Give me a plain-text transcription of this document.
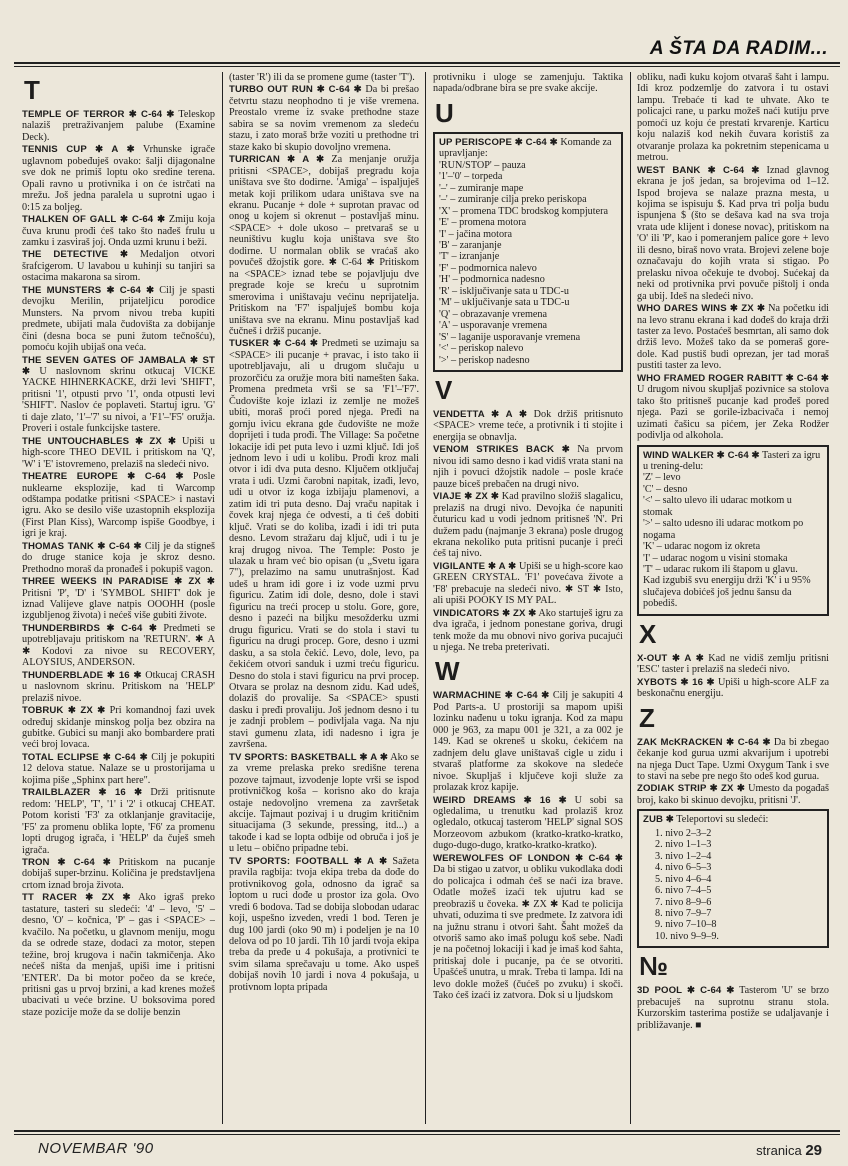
A ŠTA DA RADIM...
T

TEMPLE OF TERROR ✱ C-64 ✱ Teleskop nalaziš pretraživanjem palube (Examine Deck).

TENNIS CUP ✱ A ✱ Vrhunske igrače uglavnom pobeđuješ ovako: šalji dijagonalne sve dok ne primiš loptu oko sredine terena. Opali ravno u protivnika i on će istrčati na mrežu. Još jedna paralela u suprotni ugao i 0:15 za boljeg.

THALKEN OF GALL ✱ C-64 ✱ Zmiju koja čuva krunu prođi ćeš tako što nađeš frulu u zamku i zasviraš joj. Onda uzmi krunu i beži.

THE DETECTIVE ✱ Medaljon otvori šrafcigerom. U lavabou u kuhinji su tanjiri sa ostacima makarona sa sirom.

THE MUNSTERS ✱ C-64 ✱ Cilj je spasti devojku Merilin, prijateljicu porodice Munsters. Na prvom nivou treba kupiti predmete, ubijati mala čudovišta za dobijanje čini (desna boca se puni žutom tečnošću), pomoću kojih ubijaš ona veća.

THE SEVEN GATES OF JAMBALA ✱ ST ✱ U naslovnom skrinu otkucaj VICKE YACKE HIHNERKACKE, drži levi 'SHIFT', pritisni '1', otpusti prvo '1', onda otpusti levi 'SHIFT'. Naslov će poplaveti. Startuj igru. 'G' ti daje zlato, '1'–'7' su nivoi, a 'F1'–'F5' oružja. Proveri i ostale funkcijske tastere.

THE UNTOUCHABLES ✱ ZX ✱ Upiši u high-score THEO DEVIL i pritiskom na 'Q', 'W' i 'E' istovremeno, prelaziš na sledeći nivo.

THEATRE EUROPE ✱ C-64 ✱ Posle nuklearne eksplozije, kad ti Warcomp odštampa podatke pritisni <SPACE> i nastavi igru. Ako se desilo više uzastopnih eksplozija (First Plan Kiss), Warcomp ispiše Goodbye, i igri je kraj.

THOMAS TANK ✱ C-64 ✱ Cilj je da stigneš do druge stanice koja je skroz desno. Prethodno moraš da pronađeš i pokupiš vagon.

THREE WEEKS IN PARADISE ✱ ZX ✱ Pritisni 'P', 'D' i 'SYMBOL SHIFT' dok je iznad Valijeve glave natpis OOOHH (posle izgubljenog života) i nećeš više gubiti živote.

THUNDERBIRDS ✱ C-64 ✱ Predmeti se upotrebljavaju pritiskom na 'RETURN'. ✱ A ✱ Kodovi za nivoe su RECOVERY, ALOYSIUS, ANDERSON.

THUNDERBLADE ✱ 16 ✱ Otkucaj CRASH u naslovnom skrinu. Pritiskom na 'HELP' prelaziš nivoe.

TOBRUK ✱ ZX ✱ Pri komandnoj fazi uvek određuj skidanje minskog polja bez obzira na gubitke. Gubici su manji ako bombardere prati veći broj lovaca.

TOTAL ECLIPSE ✱ C-64 ✱ Cilj je pokupiti 12 delova statue. Nalaze se u prostorijama u kojima piše „Sphinx part here".

TRAILBLAZER ✱ 16 ✱ Drži pritisnute redom: 'HELP', 'T', '1' i '2' i otkucaj CHEAT. Potom koristi 'F3' za otklanjanje gravitacije, 'F5' za promenu oblika lopte, 'F6' za promenu lopti drugog igrača, i 'HELP' da čuješ smeh igrača.

TRON ✱ C-64 ✱ Pritiskom na pucanje dobijaš super-brzinu. Količina je predstavljena crtom iznad broja života.

TT RACER ✱ ZX ✱ Ako igraš preko tastature, tasteri su sledeći: '4' – levo, '5' – desno, 'O' – kočnica, 'P' – gas i <SPACE> – kvačilo. Na početku, u glavnom meniju, mogu da se odrede staze, dodaci za motor, stepen težine, broj krugova i način takmičenja. Ako nećeš ništa da menjaš, upiši ime i pritisni 'ENTER'. Da bi motor počeo da se kreće, pritisni gas u prvoj brzini, a kad krenes možeš ubacivati u veće brzine. U boksovima pored staze pozicije može da se dolije benzin

(taster 'R') ili da se promene gume (taster 'T').

TURBO OUT RUN ✱ C-64 ✱ Da bi prešao četvrtu stazu neophodno ti je više vremena. Preostalo vreme iz svake prethodne staze sabira se sa novim vremenom za sledeću stazu, i zato moraš brže voziti u prethodne tri staze kako bi skupio dovoljno vremena.

TURRICAN ✱ A ✱ Za menjanje oružja pritisni <SPACE>, dobijaš pregradu koja uništava sve što dodirne. 'Amiga' – ispaljuješ metak koji prilikom udara uništava sve na ekranu. Pucanje + dole + suprotan pravac od onog u kojem si okrenut – postavljaš minu. <SPACE> + dole ukoso – pretvaraš se u neuništivu kuglu koja uništava sve što dodirne. U normalan oblik se vraćaš ako povučeš džojstik gore. ✱ C-64 ✱ Pritiskom na <SPACE> iznad tebe se pojavljuju dve pregrade koje se kreću u suprotnim smerovima i uništavaju većinu neprijatelja. Pritiskom na 'F7' ispaljuješ bombu koja uništava sve na ekranu. Minu postavljaš kad čučneš i držiš pucanje.

TUSKER ✱ C-64 ✱ Predmeti se uzimaju sa <SPACE> ili pucanje + pravac, i isto tako ii upotrebljavaju, ali u drugom slučaju u prozorčiću za oružje mora biti namešten šaka. Promena predmeta vrši se sa 'F1'–'F7'. Čudovište koje izlazi iz zemlje ne možeš ubiti, moraš proći pored njega. Pređi na gornju ivicu ekrana gde čudovište ne može doprijeti i tuda prođi. The Village: Sa početne lokacije idi pet puta levo i uzmi ključ. Idi još jednom levo i udi u kolibu. Prođi kroz mali otvor i idi dva puta desno. Ključem otključaj vrata i udi. Uzmi čarobni napitak, izađi, levo, udi u otvor iz koga izbijaju plamenovi, a zatim idi tri puta desno. Daj vraču napitak i čovek kraj njega će odvesti, a ti ćeš dobiti ključ. Vrati se do koliba, izađi i idi tri puta desno. Levom stražaru daj ključ, udi i tu je kraj drugog nivoa. The Temple: Posto je ulazak u hram već bio opisan (u „Svetu igara 7"), prelazimo na samu unutrašnjost. Kad udeš u hram idi gore i iz vode uzmi prvu figuricu. Zatim idi dole, desno, dole i stavi figuricu na treći procep u stolu. Gore, gore, desno i pazeći na biljku mesožderku uzmi drugu figuricu. Vrati se do stola i stavi tu figuricu na drugi procep. Gore, desno i uzmi dasku, a sa stola čekić. Levo, dole, levo, pa čekićem otvori sanduk i uzmi treću figuricu. Desno do stola i stavi figuricu na prvi procep. Otvara se prolaz na desnom zidu. Kad udeš, dolaziš do provalije. Sa <SPACE> spusti dasku i pređi provaliju. Još jednom desno i tu je zadnji problem – podivljala vaga. Na nju stavi gumenu zlata, idi nadesno i igra je završena.

TV SPORTS: BASKETBALL ✱ A ✱ Ako se za vreme prelaska preko središne terena pozove tajmaut, izvodenje lopte vrši se ispod protivničkog koša – korisno ako do kraja ostaje nedovoljno vremena za završetak akcije. Tajmaut pozivaj i u drugim kritičnim situacijama (3 sekunde, pressing, itd...) a takođe i kad se lopta odbije od obruča i još je u letu – obično pripadne tebi.

TV SPORTS: FOOTBALL ✱ A ✱ Sažeta pravila ragbija: tvoja ekipa treba da dođe do protivnikovog gola, odnosno da igrač sa loptom u ruci dođe u prostor iza gola. Ovo vredi 6 bodova. Tad se dobija slobodan udarac koji, uspešno izveden, vredi 1 bod. Teren je dug 100 jardi (oko 90 m) i podeljen je na 10 delova od po 10 jardi. Tih 10 jardi tvoja ekipa treba da pređe u 4 pokušaja, a protivnici te svim silama sprečavaju u tome. Ako uspeš dobijaš novih 10 jardi i nova 4 pokušaja, u protivnom lopta pripada

protivniku i uloge se zamenjuju. Taktika napada/odbrane bira se pre svake akcije.

U
UP PERISCOPE ✱ C-64 ✱ Komande za upravljanje:
'RUN/STOP' – pauza
'1'–'0' – torpeda
'–' – zumiranje mape
'–' – zumiranje cilja preko periskopa
'X' – promena TDC brodskog kompjutera
'E' – promena motora
'I' – jačina motora
'B' – zaranjanje
'T' – izranjanje
'F' – podmornica nalevo
'H' – podmornica nadesno
'R' – isključivanje sata u TDC-u
'M' – uključivanje sata u TDC-u
'Q' – obrazavanje vremena
'A' – usporavanje vremena
'S' – laganije usporavanje vremena
'<' – periskop nalevo
'>' – periskop nadesno
V

VENDETTA ✱ A ✱ Dok držiš pritisnuto <SPACE> vreme teće, a protivnik i ti stojite i energija se obnavlja.

VENOM STRIKES BACK ✱ Na prvom nivou idi samo desno i kad vidiš vrata stani na njih i povuci džojstik nadole – posle kraće pauze biceš prebačen na drugi nivo.

VIAJE ✱ ZX ✱ Kad pravilno složiš slagalicu, prelaziš na drugi nivo. Devojka će napuniti čuturicu kad u vodi jednom pritisneš 'N'. Pri dužem padu (najmanje 3 ekrana) posle drugog ekrana nekoliko puta pritisni pucanje i preći ćeš taj nivo.

VIGILANTE ✱ A ✱ Upiši se u high-score kao GREEN CRYSTAL. 'F1' povećava živote a 'F8' prebacuje na sledeći nivo. ✱ ST ✱ Isto, ali upiši POOKY IS MY PAL.

VINDICATORS ✱ ZX ✱ Ako startuješ igru za dva igrača, i jednom ponestane goriva, drugi tenk može da mu obnovi nivo goriva pucajući u njega. Ne treba preterivati.

W

WARMACHINE ✱ C-64 ✱ Cilj je sakupiti 4 Pod Parts-a. U prostoriji sa mapom upiši lozinku nađenu u toku igranja. Kod za mapu 000 je 963, za mapu 001 je 321, a za 002 je 149. Kad se okreneš u skoku, ćekićem na zadnjem delu glave uništavaš cigle u zidu i stvaraš platforme za skokove na sledeće nivoe. Skupljaš i ključeve koji služe za prolazak kroz kapije.

WEIRD DREAMS ✱ 16 ✱ U sobi sa ogledalima, u trenutku kad prolaziš kroz ogledalo, otkucaj tasterom 'HELP' signal SOS Morzeovom azbukom (kratko-kratko-kratko, dugo-dugo-dugo, kratko-kratko-kratko).

WEREWOLFES OF LONDON ✱ C-64 ✱ Da bi stigao u zatvor, u obliku vukodlaka dodi do policajca i odmah ćeš se naći iza brave. Odatle možeš izaći tek ujutru kad se preobraziš u čoveka. ✱ ZX ✱ Kad te policija uhvati, oduzima ti sve predmete. Iz zatvora idi na južnu stranu i otvori šaht. Šaht možeš da otvoriš samo ako imaš polugu koš sebe. Nađi je na početnoj lokaciji i kad je imaš kod šahta, pritiskaj dole i pucanje, pa će se otvoriti. Upašćeš unutra, u mrak. Treba ti lampa. Idi na levo dokle možeš (čućeš po zvuku) i skoči. Tako ćeš izaći iz zatvora. Dok si u ljudskom

obliku, nađi kuku kojom otvaraš šaht i lampu. Idi kroz podzemlje do zatvora i tu ostavi lampu. Trebaće ti kad te uhvate. Ako te policajci rane, u parku možeš naći kutiju prve pomoći uz koju će prestati krvarenje. Karticu koju nalaziš kod nekih čuvara koristiš za otvaranje prolaza ka pokretnim stepenicama u metrou.

WEST BANK ✱ C-64 ✱ Iznad glavnog ekrana je još jedan, sa brojevima od 1–12. Ispod brojeva se nalaze prazna mesta, u kojima se ispisuju $. Kad prva tri polja budu ispunjena $ (što se dešava kad na sva troja vrata ude klijent i donese novac), pritiskom na 'O' ili 'P', kao i pomeranjem palice gore + levo ili desno, biraš novo vrata. Brojevi zelene boje označavaju do kojih vrata si stigao. Po prelasku nivoa očekuje te dvoboj. Sućekaj da neki od protivnika prvi povuče pištolj i onda ga ubij. Ideš na sledeći nivo.

WHO DARES WINS ✱ ZX ✱ Na početku idi na levo stranu ekrana i kad dođeš do kraja drži taster za levo. Postaćeš besmrtan, ali samo dok držiš levo. Možeš tako da se pomeraš gore-dole. Kad pustiš budi oprezan, jer tad moraš pustiti taster za levo.

WHO FRAMED ROGER RABITT ✱ C-64 ✱ U drugom nivou skupljaš pozivnice sa stolova tako što pritisneš pucanje kad prođeš pored njega. Pazi se gorile-izbacivača i nemoj uzimati čašicu sa pićem, jer Zeka Rodžer podivlja od alkohola.

WIND WALKER ✱ C-64 ✱ Tasteri za igru u trening-delu:
'Z' – levo
'C' – desno
'<' – salto ulevo ili udarac motkom u stomak
'>' – salto udesno ili udarac motkom po nogama
'K' – udarac nogom iz okreta
'I' – udarac nogom u visini stomaka
'T' – udarac rukom ili štapom u glavu.
Kad izgubiš svu energiju drži 'K' i u 95% slučajeva dobićeš još jednu šansu da pobediš.
X

X-OUT ✱ A ✱ Kad ne vidiš zemlju pritisni 'ESC' taster i prelaziš na sledeći nivo.

XYBOTS ✱ 16 ✱ Upiši u high-score ALF za beskonačnu energiju.

Z

ZAK McKRACKEN ✱ C-64 ✱ Da bi zbegao čekanje kod gurua uzmi akvarijum i upotrebi na njega Duct Tape. Uzmi Oxygum Tank i sve to stavi na sebe pre nego što odeš kod gurua.

ZODIAK STRIP ✱ ZX ✱ Umesto da pogađaš broj, kako bi skinuo devojku, pritisni 'J'.

ZUB ✱ Teleportovi su sledeći:
1. nivo 2–3–2
2. nivo 1–1–3
3. nivo 1–2–4
4. nivo 6–5–3
5. nivo 4–6–4
6. nivo 7–4–5
7. nivo 8–9–6
8. nivo 7–9–7
9. nivo 7–10–8
10. nivo 9–9–9.
№

3D POOL ✱ C-64 ✱ Tasterom 'U' se brzo prebacuješ na suprotnu stranu stola. Kurzorskim tasterima postiže se udaljavanje i približavanje. ■

NOVEMBAR '90	stranica 29
